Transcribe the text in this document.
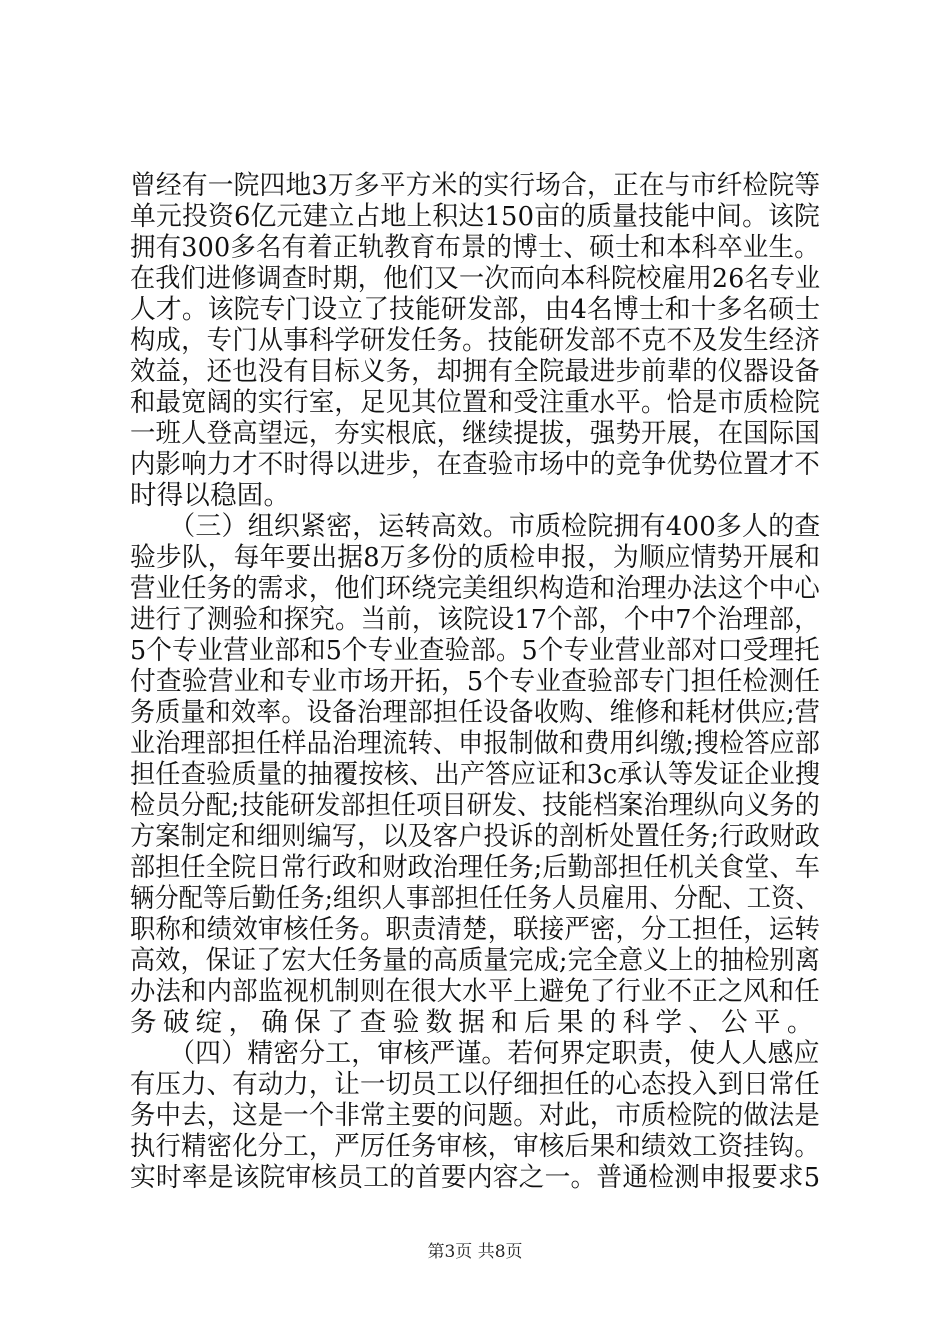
曾经有一院四地3万多平方米的实行场合，正在与市纤检院等
单元投资6亿元建立占地上积达150亩的质量技能中间。该院
拥有300多名有着正轨教育布景的博士、硕士和本科卒业生。
在我们进修调查时期，他们又一次而向本科院校雇用26名专业
人才。该院专门设立了技能研发部，由4名博士和十多名硕士
构成，专门从事科学研发任务。技能研发部不克不及发生经济
效益，还也没有目标义务，却拥有全院最进步前辈的仪器设备
和最宽阔的实行室，足见其位置和受注重水平。恰是市质检院
一班人登高望远，夯实根底，继续提拔，强势开展，在国际国
内影响力才不时得以进步，在查验市场中的竞争优势位置才不
时得以稳固。
　　（三）组织紧密，运转高效。市质检院拥有400多人的查
验步队，每年要出据8万多份的质检申报，为顺应情势开展和
营业任务的需求，他们环绕完美组织构造和治理办法这个中心
进行了测验和探究。当前，该院设17个部，个中7个治理部，
5个专业营业部和5个专业查验部。5个专业营业部对口受理托
付查验营业和专业市场开拓，5个专业查验部专门担任检测任
务质量和效率。设备治理部担任设备收购、维修和耗材供应;营
业治理部担任样品治理流转、申报制做和费用纠缴;搜检答应部
担任查验质量的抽覆按核、出产答应证和3c承认等发证企业搜
检员分配;技能研发部担任项目研发、技能档案治理纵向义务的
方案制定和细则编写，以及客户投诉的剖析处置任务;行政财政
部担任全院日常行政和财政治理任务;后勤部担任机关食堂、车
辆分配等后勤任务;组织人事部担任任务人员雇用、分配、工资、
职称和绩效审核任务。职责清楚，联接严密，分工担任，运转
高效，保证了宏大任务量的高质量完成;完全意义上的抽检别离
办法和内部监视机制则在很大水平上避免了行业不正之风和任
务破绽，确保了查验数据和后果的科学、公平。
　　（四）精密分工，审核严谨。若何界定职责，使人人感应
有压力、有动力，让一切员工以仔细担任的心态投入到日常任
务中去，这是一个非常主要的问题。对此，市质检院的做法是
执行精密化分工，严厉任务审核，审核后果和绩效工资挂钩。
实时率是该院审核员工的首要内容之一。普通检测申报要求5
第3页 共8页
